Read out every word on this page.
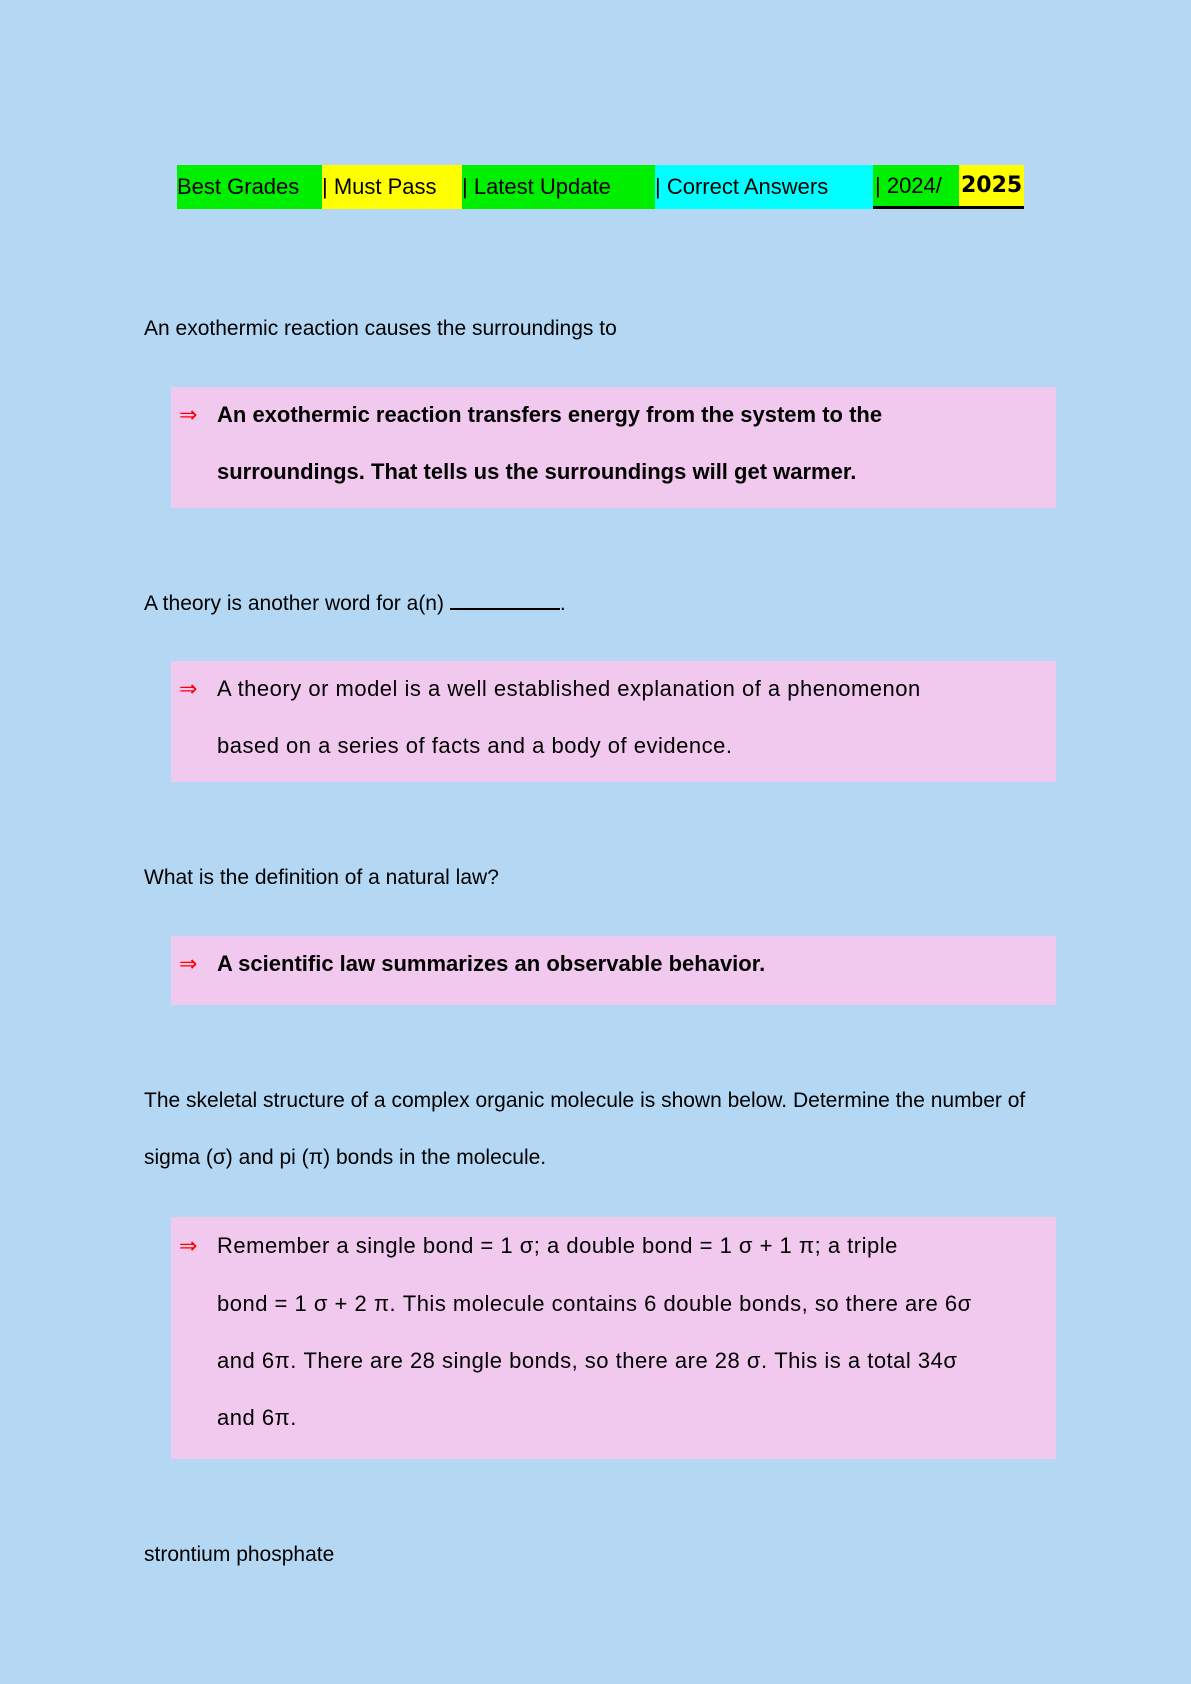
Best Grades | Must Pass | Latest Update | Correct Answers | 2024/ 2025
An exothermic reaction causes the surroundings to
⇒ An exothermic reaction transfers energy from the system to the
surroundings. That tells us the surroundings will get warmer.
A theory is another word for a(n)	.
⇒ A theory or model is a well established explanation of a phenomenon
based on a series of facts and a body of evidence.
What is the definition of a natural law?
⇒ A scientific law summarizes an observable behavior.
The skeletal structure of a complex organic molecule is shown below. Determine the number of
sigma (σ) and pi (π) bonds in the molecule.
⇒ Remember a single bond = 1 σ; a double bond = 1 σ + 1 π; a triple
bond = 1 σ + 2 π. This molecule contains 6 double bonds, so there are 6σ
and 6π. There are 28 single bonds, so there are 28 σ. This is a total 34σ
and 6π.
strontium phosphate
